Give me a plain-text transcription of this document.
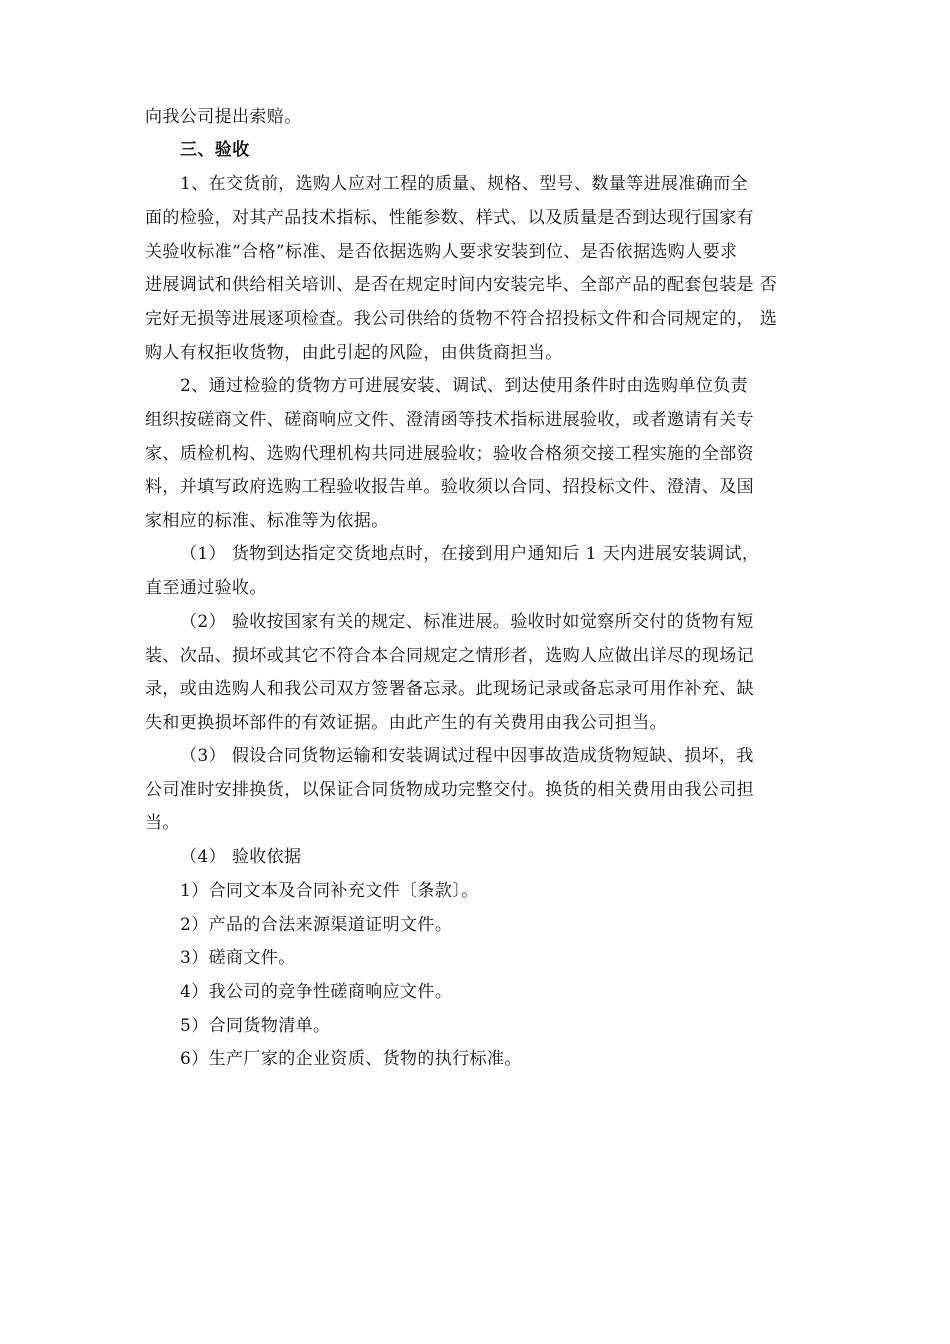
向我公司提出索赔。
三、验收
1、在交货前，选购人应对工程的质量、规格、型号、数量等进展准确而全
面的检验，对其产品技术指标、性能参数、样式、以及质量是否到达现行国家有
关验收标准“合格”标准、是否依据选购人要求安装到位、是否依据选购人要求
进展调试和供给相关培训、是否在规定时间内安装完毕、全部产品的配套包装是 否
完好无损等进展逐项检查。我公司供给的货物不符合招投标文件和合同规定的， 选
购人有权拒收货物，由此引起的风险，由供货商担当。
2、通过检验的货物方可进展安装、调试、到达使用条件时由选购单位负责
组织按磋商文件、磋商响应文件、澄清函等技术指标进展验收，或者邀请有关专
家、质检机构、选购代理机构共同进展验收；验收合格须交接工程实施的全部资
料，并填写政府选购工程验收报告单。验收须以合同、招投标文件、澄清、及国
家相应的标准、标准等为依据。
（1） 货物到达指定交货地点时，在接到用户通知后 1 天内进展安装调试，
直至通过验收。
（2） 验收按国家有关的规定、标准进展。验收时如觉察所交付的货物有短
装、次品、损坏或其它不符合本合同规定之情形者，选购人应做出详尽的现场记
录，或由选购人和我公司双方签署备忘录。此现场记录或备忘录可用作补充、缺
失和更换损坏部件的有效证据。由此产生的有关费用由我公司担当。
（3） 假设合同货物运输和安装调试过程中因事故造成货物短缺、损坏，我
公司准时安排换货，以保证合同货物成功完整交付。换货的相关费用由我公司担
当。
（4） 验收依据
1）合同文本及合同补充文件〔条款〕。
2）产品的合法来源渠道证明文件。
3）磋商文件。
4）我公司的竞争性磋商响应文件。
5）合同货物清单。
6）生产厂家的企业资质、货物的执行标准。
